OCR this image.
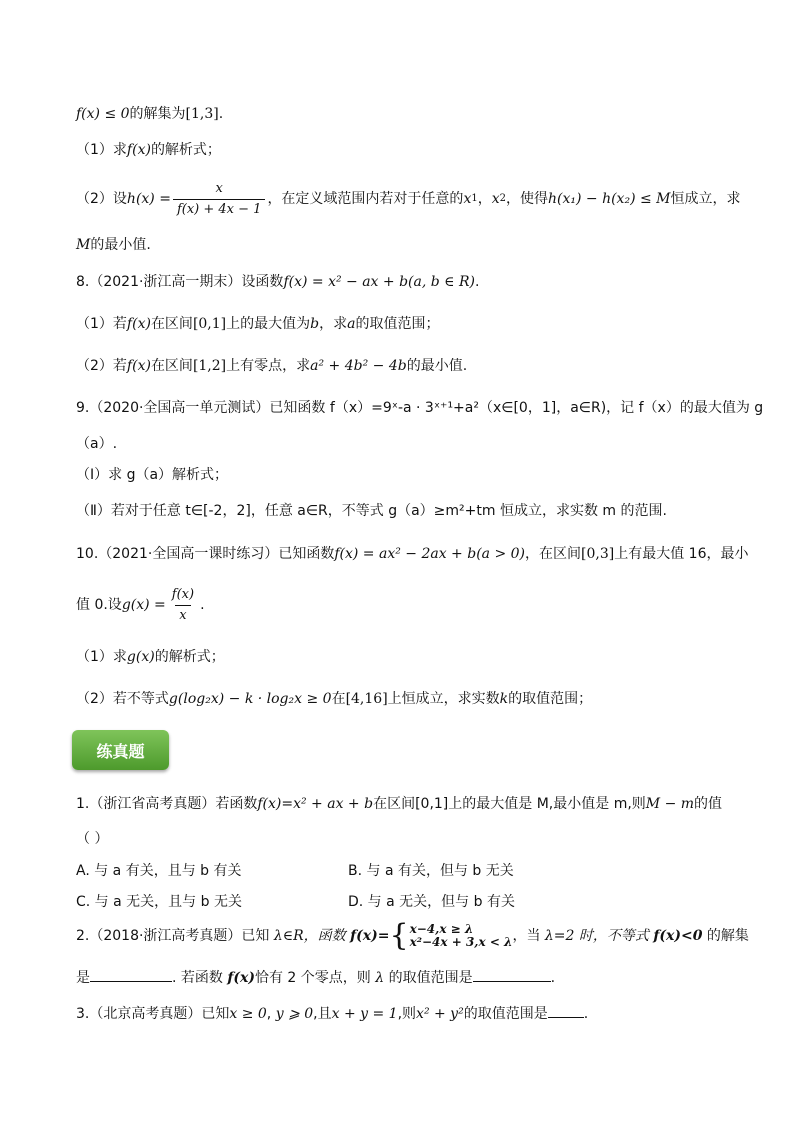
f(x) ≤ 0的解集为[1,3].
（1）求f(x)的解析式；
（2）设 $h(x) = \frac{x}{f(x) + 4x - 1}$ ，在定义域范围内若对于任意的 x 1 ， x 2 ，使得 h(x₁) − h(x₂) ≤ M 恒成立，求
M的最小值.
8.（2021·浙江高一期末）设函数f(x) = x² − ax + b(a, b ∈ R).
（1）若f(x)在区间[0,1]上的最大值为b，求a的取值范围；
（2）若f(x)在区间[1,2]上有零点，求a² + 4b² − 4b的最小值.
9.（2020·全国高一单元测试）已知函数 f（x）=9ˣ-a · 3ˣ⁺¹+a²（x∈[0，1]，a∈R)，记 f（x）的最大值为 g
（a）.
（Ⅰ）求 g（a）解析式；
（Ⅱ）若对于任意 t∈[-2，2]，任意 a∈R，不等式 g（a）≥m²+tm 恒成立，求实数 m 的范围.
10.（2021·全国高一课时练习）已知函数f(x) = ax² − 2ax + b(a > 0)，在区间[0,3]上有最大值 16，最小
值 0.设 $g(x) = \frac{f(x)}{x}$ .
（1）求g(x)的解析式；
（2）若不等式g(log₂x) − k · log₂x ≥ 0在[4,16]上恒成立，求实数k的取值范围；
练真题
1.（浙江省高考真题）若函数f(x)=x² + ax + b在区间[0,1]上的最大值是 M,最小值是 m,则M − m的值
（ ）
A. 与 a 有关，且与 b 有关	B. 与 a 有关，但与 b 无关
C. 与 a 无关，且与 b 无关	D. 与 a 无关，但与 b 有关
2.（2018·浙江高考真题）已知
λ∈R，函数
f(x)= { x−4,x ≥ λ
x²−4x + 3,x < λ ，当
λ=2 时，不等式
f(x)<0
的解集
是	. 若函数 f(x)恰有 2 个零点，则 λ 的取值范围是	.
3.（北京高考真题）已知x ≥ 0, y ⩾ 0,且x + y = 1,则x² + y²的取值范围是	.
